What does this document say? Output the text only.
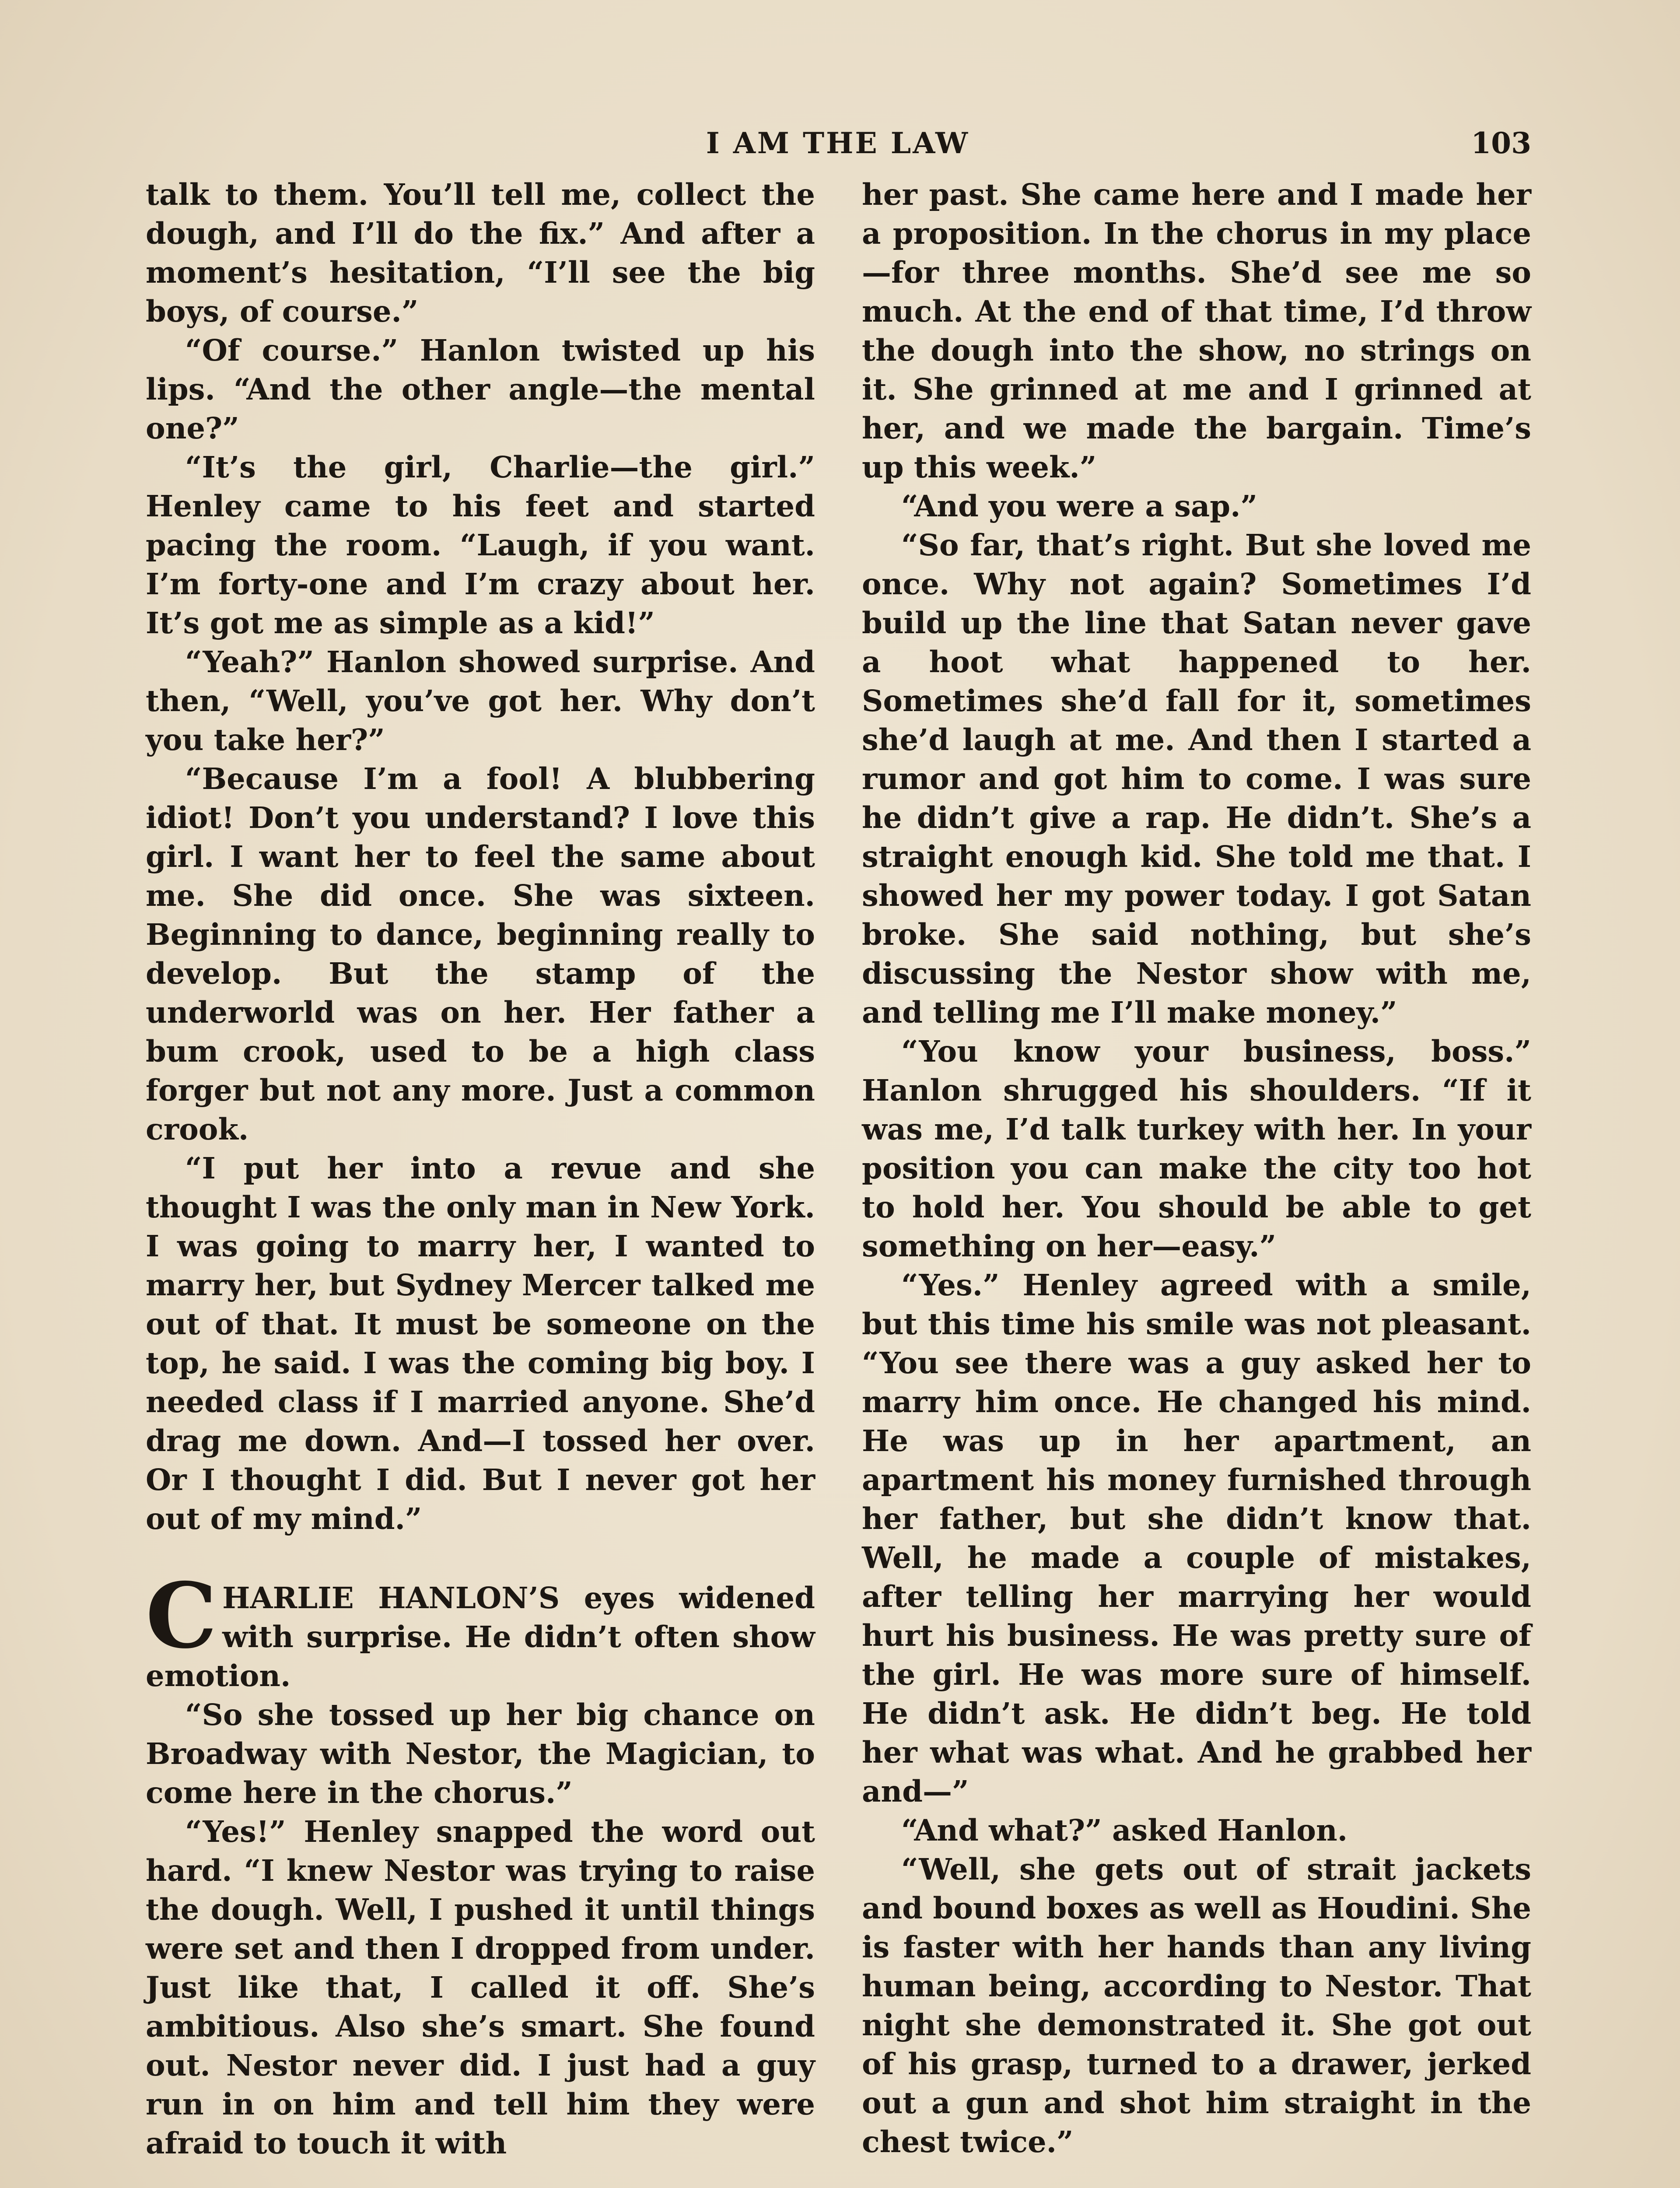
I AM THE LAW	103

talk to them. You’ll tell me, collect the dough, and I’ll do the fix.” And after a moment’s hesitation, “I’ll see the big boys, of course.”

“Of course.” Hanlon twisted up his lips. “And the other angle—the mental one?”

“It’s the girl, Charlie—the girl.” Henley came to his feet and started pacing the room. “Laugh, if you want. I’m forty-one and I’m crazy about her. It’s got me as simple as a kid!”

“Yeah?” Hanlon showed surprise. And then, “Well, you’ve got her. Why don’t you take her?”

“Because I’m a fool! A blubbering idiot! Don’t you understand? I love this girl. I want her to feel the same about me. She did once. She was sixteen. Beginning to dance, beginning really to develop. But the stamp of the underworld was on her. Her father a bum crook, used to be a high class forger but not any more. Just a common crook.

“I put her into a revue and she thought I was the only man in New York. I was going to marry her, I wanted to marry her, but Sydney Mercer talked me out of that. It must be someone on the top, he said. I was the coming big boy. I needed class if I married anyone. She’d drag me down. And—I tossed her over. Or I thought I did. But I never got her out of my mind.”

CHARLIE HANLON’S eyes widened with surprise. He didn’t often show emotion.

“So she tossed up her big chance on Broadway with Nestor, the Magician, to come here in the chorus.”

“Yes!” Henley snapped the word out hard. “I knew Nestor was trying to raise the dough. Well, I pushed it until things were set and then I dropped from under. Just like that, I called it off. She’s ambitious. Also she’s smart. She found out. Nestor never did. I just had a guy run in on him and tell him they were afraid to touch it with

her past. She came here and I made her a proposition. In the chorus in my place—for three months. She’d see me so much. At the end of that time, I’d throw the dough into the show, no strings on it. She grinned at me and I grinned at her, and we made the bargain. Time’s up this week.”

“And you were a sap.”

“So far, that’s right. But she loved me once. Why not again? Sometimes I’d build up the line that Satan never gave a hoot what happened to her. Sometimes she’d fall for it, sometimes she’d laugh at me. And then I started a rumor and got him to come. I was sure he didn’t give a rap. He didn’t. She’s a straight enough kid. She told me that. I showed her my power today. I got Satan broke. She said nothing, but she’s discussing the Nestor show with me, and telling me I’ll make money.”

“You know your business, boss.” Hanlon shrugged his shoulders. “If it was me, I’d talk turkey with her. In your position you can make the city too hot to hold her. You should be able to get something on her—easy.”

“Yes.” Henley agreed with a smile, but this time his smile was not pleasant. “You see there was a guy asked her to marry him once. He changed his mind. He was up in her apartment, an apartment his money furnished through her father, but she didn’t know that. Well, he made a couple of mistakes, after telling her marrying her would hurt his business. He was pretty sure of the girl. He was more sure of himself. He didn’t ask. He didn’t beg. He told her what was what. And he grabbed her and—”

“And what?” asked Hanlon.

“Well, she gets out of strait jackets and bound boxes as well as Houdini. She is faster with her hands than any living human being, according to Nestor. That night she demonstrated it. She got out of his grasp, turned to a drawer, jerked out a gun and shot him straight in the chest twice.”
